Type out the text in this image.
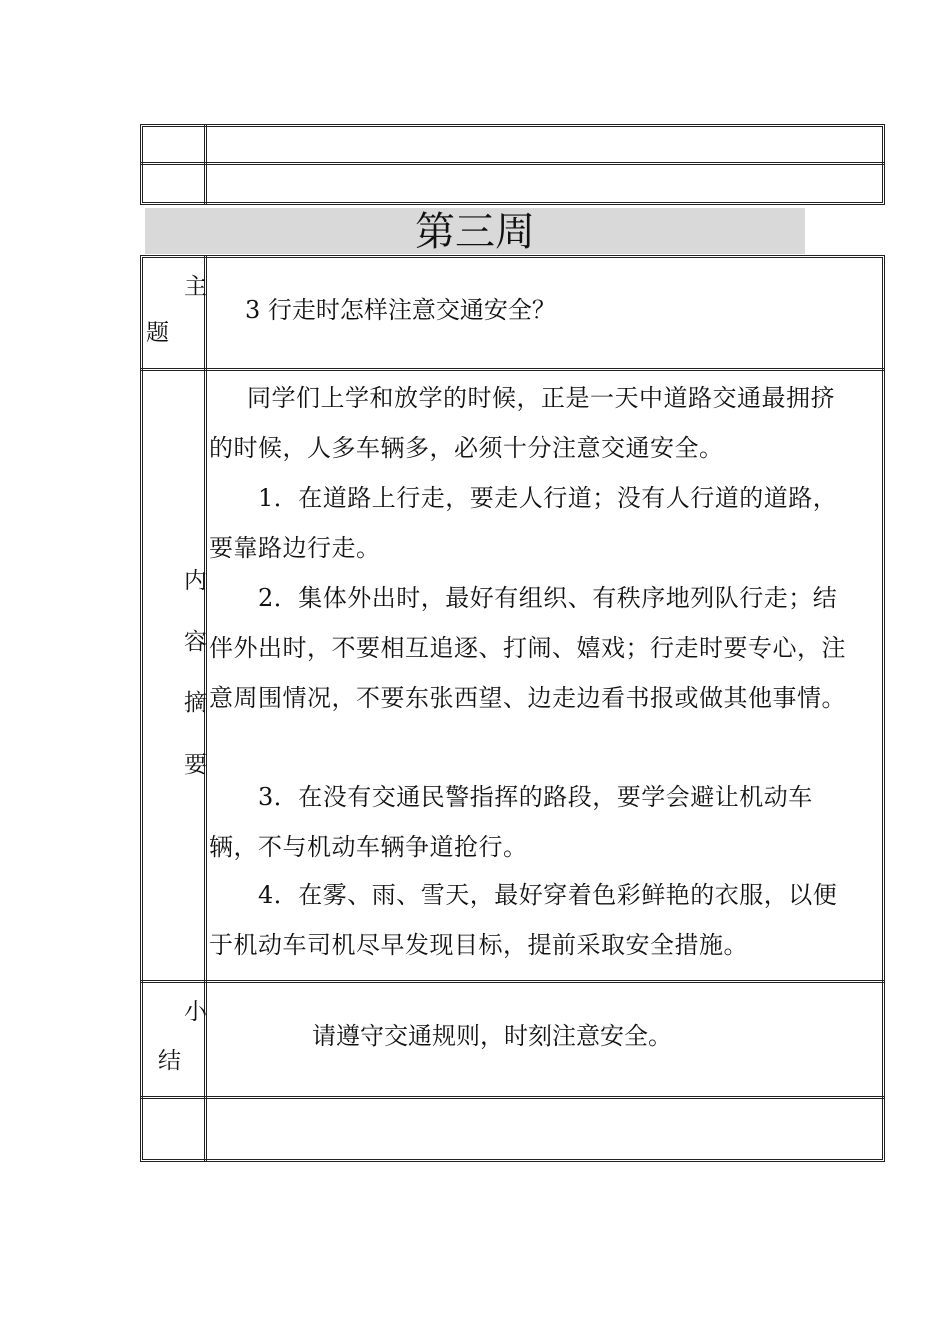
第三周
主
题
3 行走时怎样注意交通安全？
内
容
摘
要
同学们上学和放学的时候，正是一天中道路交通最拥挤
的时候，人多车辆多，必须十分注意交通安全。
1．在道路上行走，要走人行道；没有人行道的道路，
要靠路边行走。
2．集体外出时，最好有组织、有秩序地列队行走；结
伴外出时，不要相互追逐、打闹、嬉戏；行走时要专心，注
意周围情况，不要东张西望、边走边看书报或做其他事情。
3．在没有交通民警指挥的路段，要学会避让机动车
辆，不与机动车辆争道抢行。
4．在雾、雨、雪天，最好穿着色彩鲜艳的衣服，以便
于机动车司机尽早发现目标，提前采取安全措施。
小
结
请遵守交通规则，时刻注意安全。
